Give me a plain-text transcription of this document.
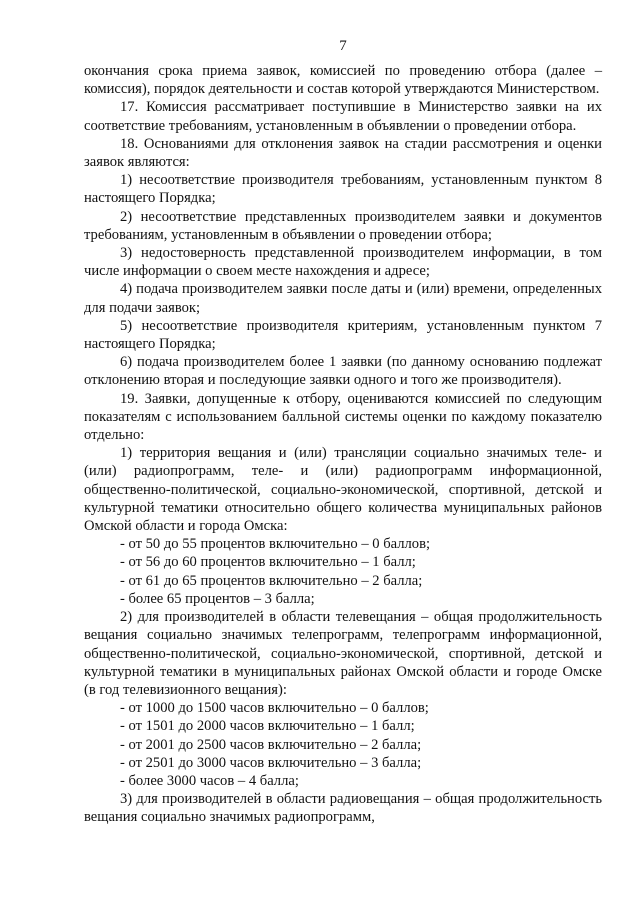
7

окончания срока приема заявок, комиссией по проведению отбора (далее – комиссия), порядок деятельности и состав которой утверждаются Министерством.

17. Комиссия рассматривает поступившие в Министерство заявки на их соответствие требованиям, установленным в объявлении о проведении отбора.

18. Основаниями для отклонения заявок на стадии рассмотрения и оценки заявок являются:

1) несоответствие производителя требованиям, установленным пунктом 8 настоящего Порядка;

2) несоответствие представленных производителем заявки и документов требованиям, установленным в объявлении о проведении отбора;

3) недостоверность представленной производителем информации, в том числе информации о своем месте нахождения и адресе;

4) подача производителем заявки после даты и (или) времени, определенных для подачи заявок;

5) несоответствие производителя критериям, установленным пунктом 7 настоящего Порядка;

6) подача производителем более 1 заявки (по данному основанию подлежат отклонению вторая и последующие заявки одного и того же производителя).

19. Заявки, допущенные к отбору, оцениваются комиссией по следующим показателям с использованием балльной системы оценки по каждому показателю отдельно:

1) территория вещания и (или) трансляции социально значимых теле- и (или) радиопрограмм, теле- и (или) радиопрограмм информационной, общественно-политической, социально-экономической, спортивной, детской и культурной тематики относительно общего количества муниципальных районов Омской области и города Омска:

- от 50 до 55 процентов включительно – 0 баллов;

- от 56 до 60 процентов включительно – 1 балл;

- от 61 до 65 процентов включительно – 2 балла;

- более 65 процентов – 3 балла;

2) для производителей в области телевещания – общая продолжительность вещания социально значимых телепрограмм, телепрограмм информационной, общественно-политической, социально-экономической, спортивной, детской и культурной тематики в муниципальных районах Омской области и городе Омске (в год телевизионного вещания):

- от 1000 до 1500 часов включительно – 0 баллов;

- от 1501 до 2000 часов включительно – 1 балл;

- от 2001 до 2500 часов включительно – 2 балла;

- от 2501 до 3000 часов включительно – 3 балла;

- более 3000 часов – 4 балла;

3) для производителей в области радиовещания – общая продолжительность вещания социально значимых радиопрограмм,
